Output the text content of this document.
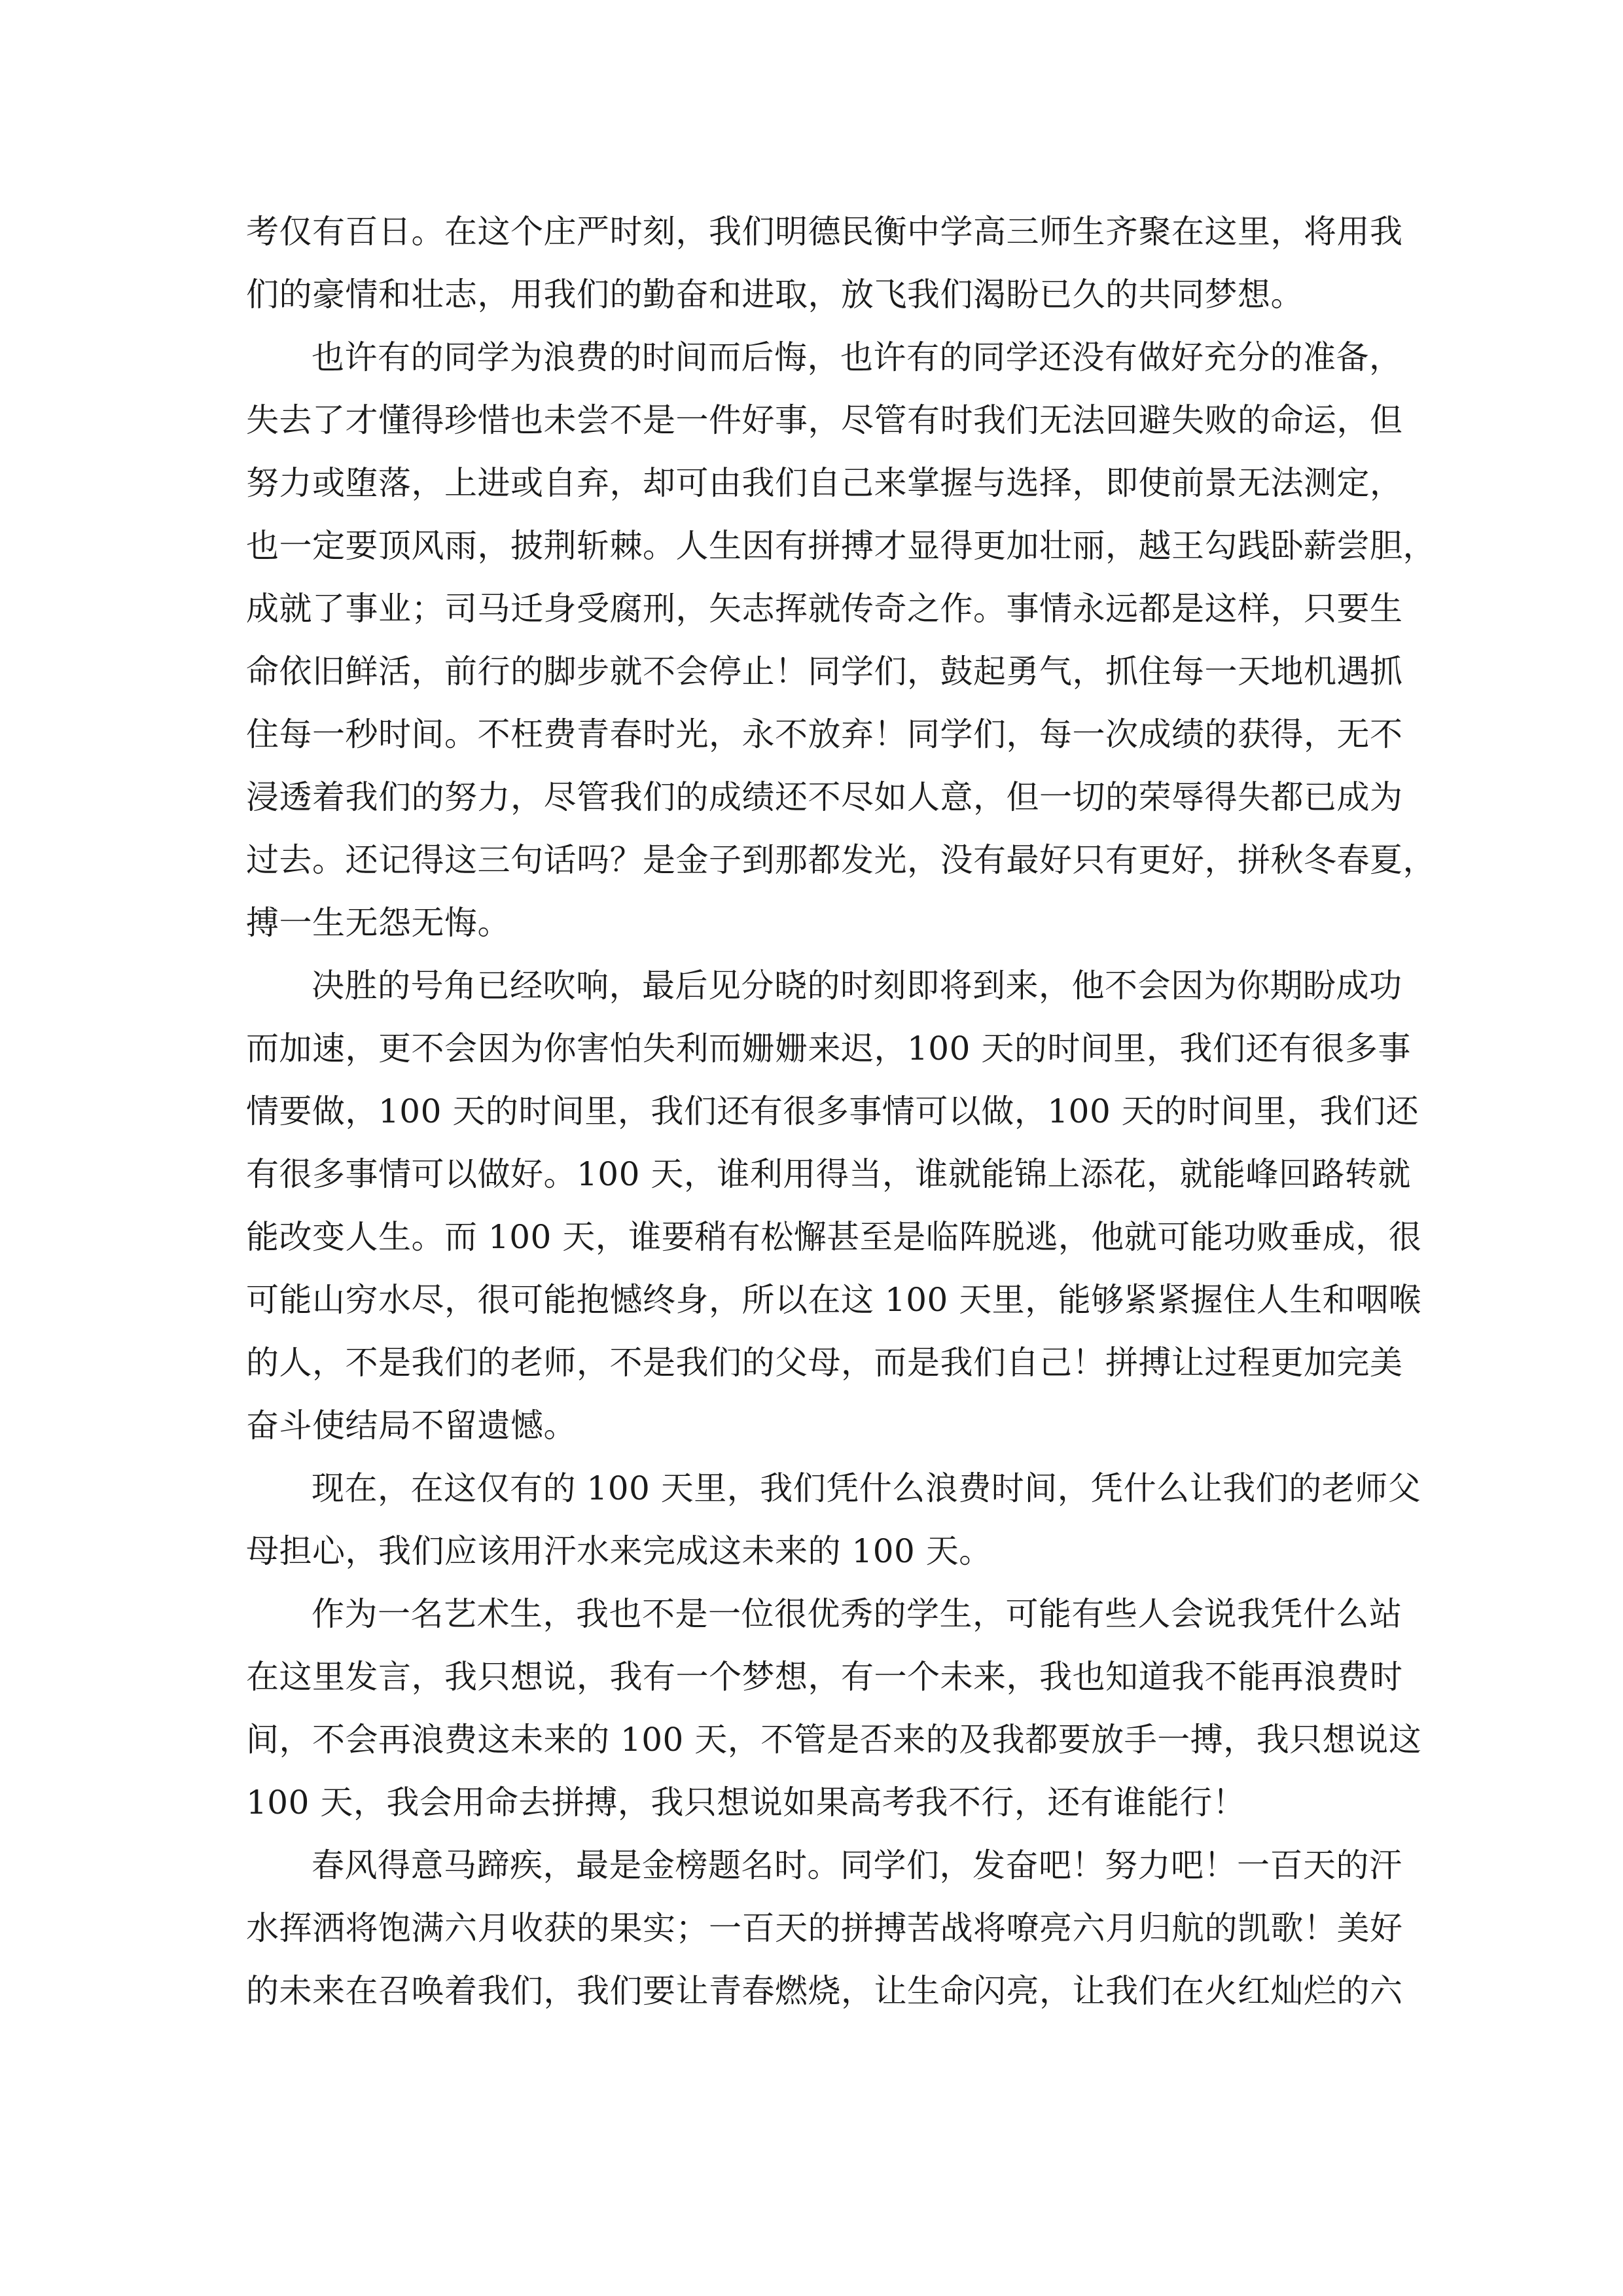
考仅有百日。在这个庄严时刻，我们明德民衡中学高三师生齐聚在这里，将用我
们的豪情和壮志，用我们的勤奋和进取，放飞我们渴盼已久的共同梦想。
也许有的同学为浪费的时间而后悔，也许有的同学还没有做好充分的准备，
失去了才懂得珍惜也未尝不是一件好事，尽管有时我们无法回避失败的命运，但
努力或堕落，上进或自弃，却可由我们自己来掌握与选择，即使前景无法测定，
也一定要顶风雨，披荆斩棘。人生因有拼搏才显得更加壮丽，越王勾践卧薪尝胆，
成就了事业；司马迁身受腐刑，矢志挥就传奇之作。事情永远都是这样，只要生
命依旧鲜活，前行的脚步就不会停止！同学们，鼓起勇气，抓住每一天地机遇抓
住每一秒时间。不枉费青春时光，永不放弃！同学们，每一次成绩的获得，无不
浸透着我们的努力，尽管我们的成绩还不尽如人意，但一切的荣辱得失都已成为
过去。还记得这三句话吗？是金子到那都发光，没有最好只有更好，拼秋冬春夏，
搏一生无怨无悔。
决胜的号角已经吹响，最后见分晓的时刻即将到来，他不会因为你期盼成功
而加速，更不会因为你害怕失利而姗姗来迟，100 天的时间里，我们还有很多事
情要做，100 天的时间里，我们还有很多事情可以做，100 天的时间里，我们还
有很多事情可以做好。100 天，谁利用得当，谁就能锦上添花，就能峰回路转就
能改变人生。而 100 天，谁要稍有松懈甚至是临阵脱逃，他就可能功败垂成，很
可能山穷水尽，很可能抱憾终身，所以在这 100 天里，能够紧紧握住人生和咽喉
的人，不是我们的老师，不是我们的父母，而是我们自己！拼搏让过程更加完美
奋斗使结局不留遗憾。
现在，在这仅有的 100 天里，我们凭什么浪费时间，凭什么让我们的老师父
母担心，我们应该用汗水来完成这未来的 100 天。
作为一名艺术生，我也不是一位很优秀的学生，可能有些人会说我凭什么站
在这里发言，我只想说，我有一个梦想，有一个未来，我也知道我不能再浪费时
间，不会再浪费这未来的 100 天，不管是否来的及我都要放手一搏，我只想说这
100 天，我会用命去拼搏，我只想说如果高考我不行，还有谁能行！
春风得意马蹄疾，最是金榜题名时。同学们，发奋吧！努力吧！一百天的汗
水挥洒将饱满六月收获的果实；一百天的拼搏苦战将嘹亮六月归航的凯歌！美好
的未来在召唤着我们，我们要让青春燃烧，让生命闪亮，让我们在火红灿烂的六
